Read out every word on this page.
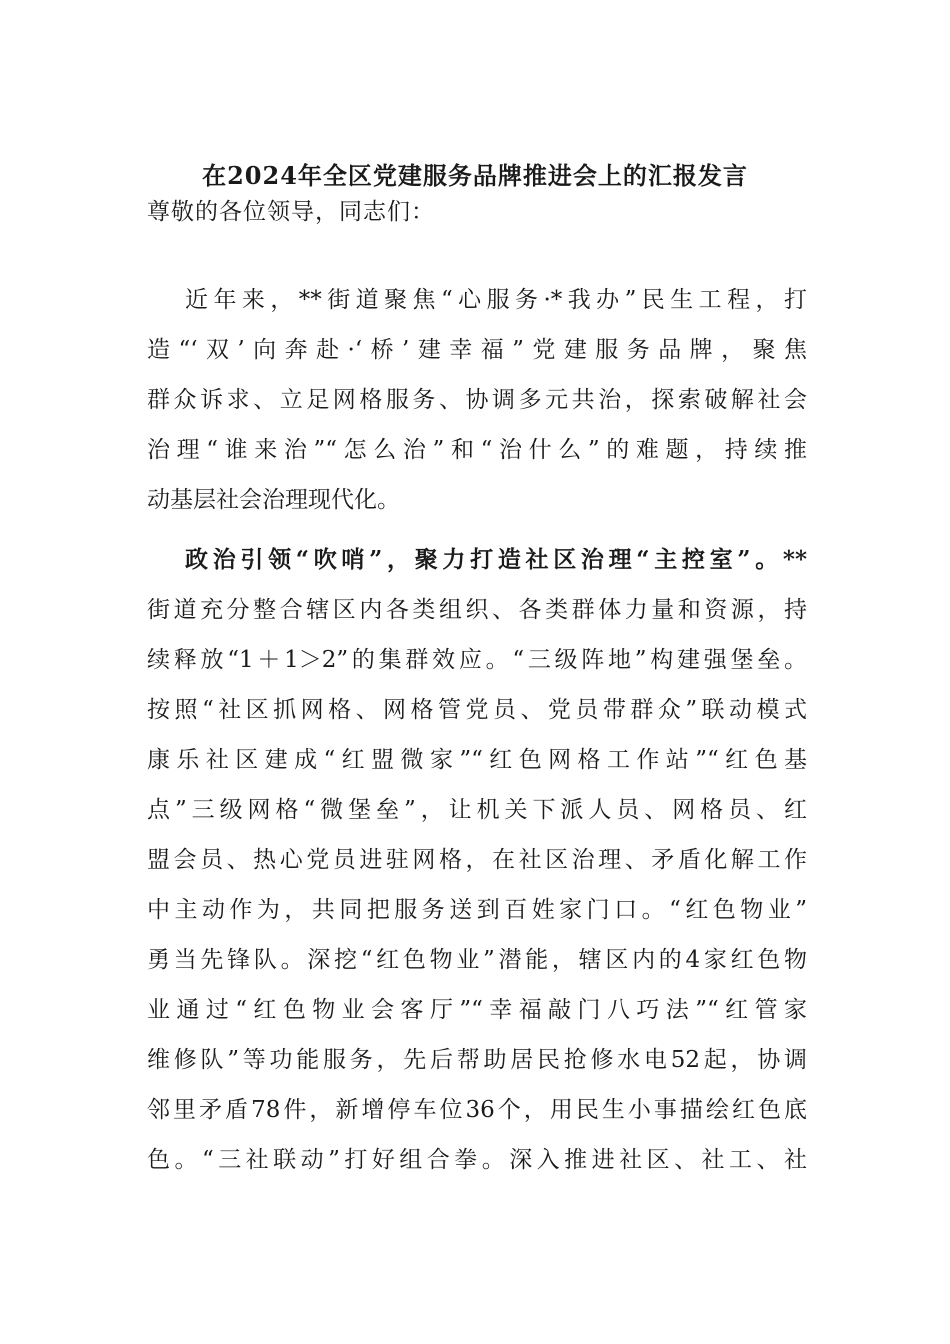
在2024年全区党建服务品牌推进会上的汇报发言
尊敬的各位领导，同志们：
近年来，**街道聚焦“心服务·*我办”民生工程，打
造“‘双’向奔赴·‘桥’建幸福”党建服务品牌，聚焦
群众诉求、立足网格服务、协调多元共治，探索破解社会
治理“谁来治”“怎么治”和“治什么”的难题，持续推
动基层社会治理现代化。
政治引领“吹哨”，聚力打造社区治理“主控室”。**
街道充分整合辖区内各类组织、各类群体力量和资源，持
续释放“1＋1＞2”的集群效应。“三级阵地”构建强堡垒。
按照“社区抓网格、网格管党员、党员带群众”联动模式
康乐社区建成“红盟微家”“红色网格工作站”“红色基
点”三级网格“微堡垒”，让机关下派人员、网格员、红
盟会员、热心党员进驻网格，在社区治理、矛盾化解工作
中主动作为，共同把服务送到百姓家门口。“红色物业”
勇当先锋队。深挖“红色物业”潜能，辖区内的4家红色物
业通过“红色物业会客厅”“幸福敲门八巧法”“红管家
维修队”等功能服务，先后帮助居民抢修水电52起，协调
邻里矛盾78件，新增停车位36个，用民生小事描绘红色底
色。“三社联动”打好组合拳。深入推进社区、社工、社
